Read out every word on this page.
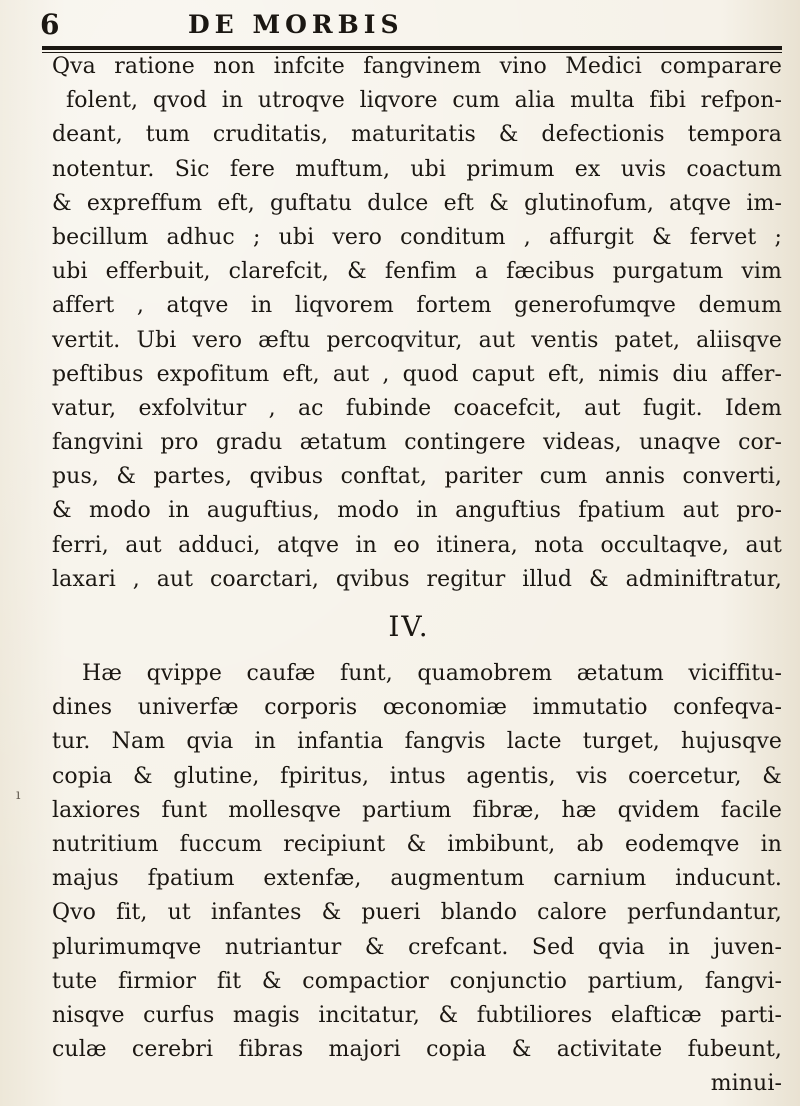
6	DE MORBIS
Qva ratione non infcite fangvinem vino Medici comparare
folent, qvod in utroqve liqvore cum alia multa fibi refpon-
deant, tum cruditatis, maturitatis & defectionis tempora
notentur. Sic fere muftum, ubi primum ex uvis coactum
& expreffum eft, guftatu dulce eft & glutinofum, atqve im-
becillum adhuc ; ubi vero conditum , affurgit & fervet ;
ubi efferbuit, clarefcit, & fenfim a fæcibus purgatum vim
affert , atqve in liqvorem fortem generofumqve demum
vertit. Ubi vero æftu percoqvitur, aut ventis patet, aliisqve
peftibus expofitum eft, aut , quod caput eft, nimis diu affer-
vatur, exfolvitur , ac fubinde coacefcit, aut fugit. Idem
fangvini pro gradu ætatum contingere videas, unaqve cor-
pus, & partes, qvibus conftat, pariter cum annis converti,
& modo in auguftius, modo in anguftius fpatium aut pro-
ferri, aut adduci, atqve in eo itinera, nota occultaqve, aut
laxari , aut coarctari, qvibus regitur illud & adminiftratur,
IV.
Hæ qvippe caufæ funt, quamobrem ætatum viciffitu-
dines univerfæ corporis œconomiæ immutatio confeqva-
tur. Nam qvia in infantia fangvis lacte turget, hujusqve
copia & glutine, fpiritus, intus agentis, vis coercetur, &
laxiores funt mollesqve partium fibræ, hæ qvidem facile
nutritium fuccum recipiunt & imbibunt, ab eodemqve in
majus fpatium extenfæ, augmentum carnium inducunt.
Qvo fit, ut infantes & pueri blando calore perfundantur,
plurimumqve nutriantur & crefcant. Sed qvia in juven-
tute firmior fit & compactior conjunctio partium, fangvi-
nisqve curfus magis incitatur, & fubtiliores elafticæ parti-
culæ cerebri fibras majori copia & activitate fubeunt,
minui-
ı
